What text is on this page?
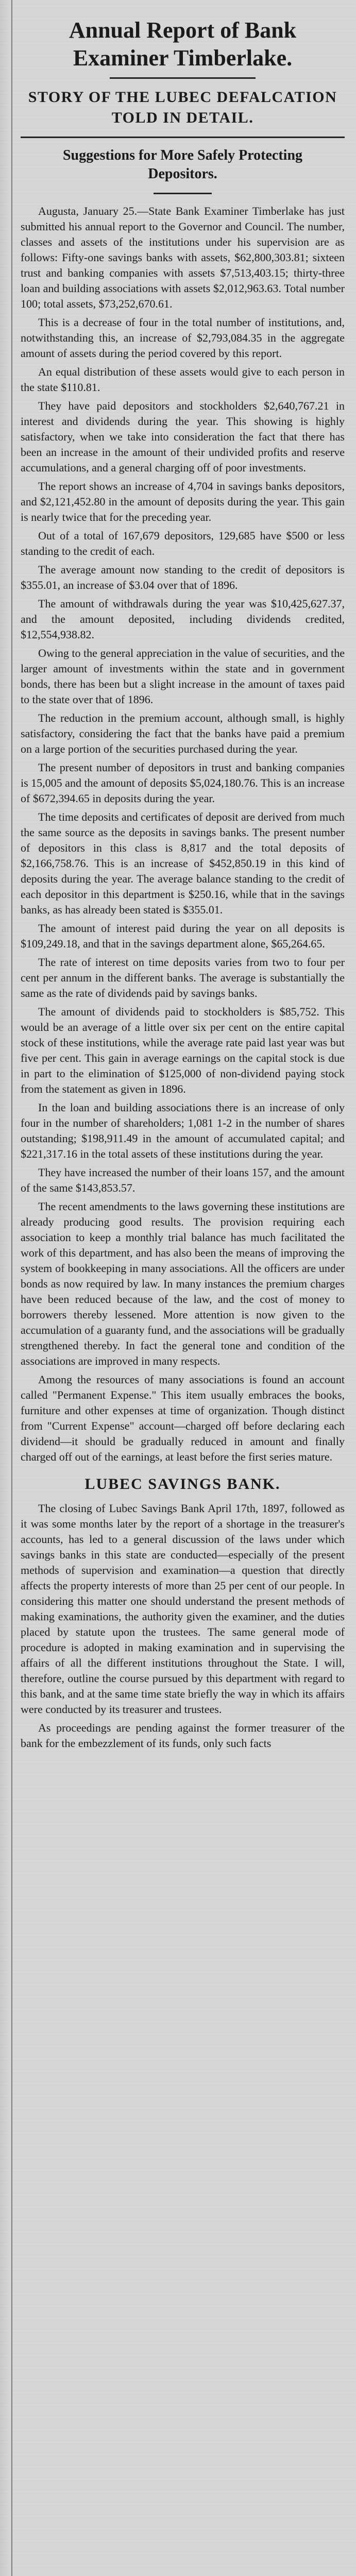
Annual Report of Bank Examiner Timberlake.
STORY OF THE LUBEC DEFALCATION TOLD IN DETAIL.
Suggestions for More Safely Protecting Depositors.

Augusta, January 25.—State Bank Examiner Timberlake has just submitted his annual report to the Governor and Council. The number, classes and assets of the institutions under his supervision are as follows: Fifty-one savings banks with assets, $62,800,303.81; sixteen trust and banking companies with assets $7,513,403.15; thirty-three loan and building associations with assets $2,012,963.63. Total number 100; total assets, $73,252,670.61.

This is a decrease of four in the total number of institutions, and, notwithstanding this, an increase of $2,793,084.35 in the aggregate amount of assets during the period covered by this report.

An equal distribution of these assets would give to each person in the state $110.81.

They have paid depositors and stockholders $2,640,767.21 in interest and dividends during the year. This showing is highly satisfactory, when we take into consideration the fact that there has been an increase in the amount of their undivided profits and reserve accumulations, and a general charging off of poor investments.

The report shows an increase of 4,704 in savings banks depositors, and $2,121,452.80 in the amount of deposits during the year. This gain is nearly twice that for the preceding year.

Out of a total of 167,679 depositors, 129,685 have $500 or less standing to the credit of each.

The average amount now standing to the credit of depositors is $355.01, an increase of $3.04 over that of 1896.

The amount of withdrawals during the year was $10,425,627.37, and the amount deposited, including dividends credited, $12,554,938.82.

Owing to the general appreciation in the value of securities, and the larger amount of investments within the state and in government bonds, there has been but a slight increase in the amount of taxes paid to the state over that of 1896.

The reduction in the premium account, although small, is highly satisfactory, considering the fact that the banks have paid a premium on a large portion of the securities purchased during the year.

The present number of depositors in trust and banking companies is 15,005 and the amount of deposits $5,024,180.76. This is an increase of $672,394.65 in deposits during the year.

The time deposits and certificates of deposit are derived from much the same source as the deposits in savings banks. The present number of depositors in this class is 8,817 and the total deposits of $2,166,758.76. This is an increase of $452,850.19 in this kind of deposits during the year. The average balance standing to the credit of each depositor in this department is $250.16, while that in the savings banks, as has already been stated is $355.01.

The amount of interest paid during the year on all deposits is $109,249.18, and that in the savings department alone, $65,264.65.

The rate of interest on time deposits varies from two to four per cent per annum in the different banks. The average is substantially the same as the rate of dividends paid by savings banks.

The amount of dividends paid to stockholders is $85,752. This would be an average of a little over six per cent on the entire capital stock of these institutions, while the average rate paid last year was but five per cent. This gain in average earnings on the capital stock is due in part to the elimination of $125,000 of non-dividend paying stock from the statement as given in 1896.

In the loan and building associations there is an increase of only four in the number of shareholders; 1,081 1-2 in the number of shares outstanding; $198,911.49 in the amount of accumulated capital; and $221,317.16 in the total assets of these institutions during the year.

They have increased the number of their loans 157, and the amount of the same $143,853.57.

The recent amendments to the laws governing these institutions are already producing good results. The provision requiring each association to keep a monthly trial balance has much facilitated the work of this department, and has also been the means of improving the system of bookkeeping in many associations. All the officers are under bonds as now required by law. In many instances the premium charges have been reduced because of the law, and the cost of money to borrowers thereby lessened. More attention is now given to the accumulation of a guaranty fund, and the associations will be gradually strengthened thereby. In fact the general tone and condition of the associations are improved in many respects.

Among the resources of many associations is found an account called "Permanent Expense." This item usually embraces the books, furniture and other expenses at time of organization. Though distinct from "Current Expense" account—charged off before declaring each dividend—it should be gradually reduced in amount and finally charged off out of the earnings, at least before the first series mature.

LUBEC SAVINGS BANK.

The closing of Lubec Savings Bank April 17th, 1897, followed as it was some months later by the report of a shortage in the treasurer's accounts, has led to a general discussion of the laws under which savings banks in this state are conducted—especially of the present methods of supervision and examination—a question that directly affects the property interests of more than 25 per cent of our people. In considering this matter one should understand the present methods of making examinations, the authority given the examiner, and the duties placed by statute upon the trustees. The same general mode of procedure is adopted in making examination and in supervising the affairs of all the different institutions throughout the State. I will, therefore, outline the course pursued by this department with regard to this bank, and at the same time state briefly the way in which its affairs were conducted by its treasurer and trustees.

As proceedings are pending against the former treasurer of the bank for the embezzlement of its funds, only such facts
